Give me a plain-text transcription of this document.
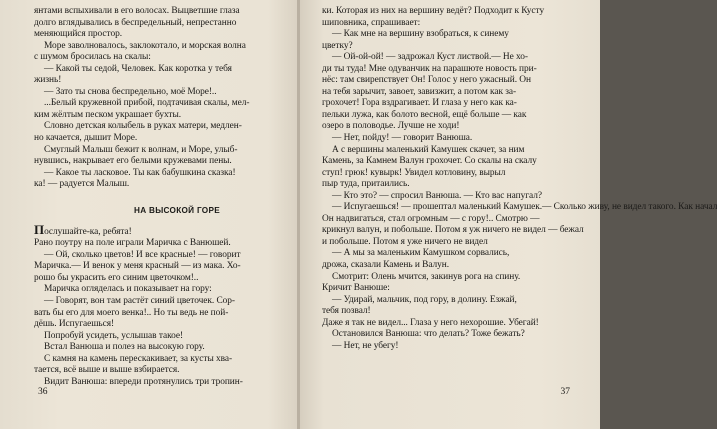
янтами вспыхивали в его волосах. Выцветшие глаза
долго вглядывались в беспредельный, непрестанно
меняющийся простор.
Море заволновалось, заклокотало, и морская волна
с шумом бросилась на скалы:
— Какой ты седой, Человек. Как коротка у тебя
жизнь!
— Зато ты снова беспредельно, моё Море!..
...Белый кружевной прибой, подтачивая скалы, мел-
ким жёлтым песком украшает бухты.
Словно детская колыбель в руках матери, медлен-
но качается, дышит Море.
Смуглый Малыш бежит к волнам, и Море, улыб-
нувшись, накрывает его белыми кружевами пены.
— Какое ты ласковое. Ты как бабушкина сказка!
ка! — радуется Малыш.
НА ВЫСОКОЙ ГОРЕ
Послушайте-ка, ребята!
Рано поутру на поле играли Маричка с Ванюшей.
— Ой, сколько цветов! И все красные! — говорит
Маричка.— И венок у меня красный — из мака. Хо-
рошо бы украсить его синим цветочком!..
Маричка огляделась и показывает на гору:
— Говорят, вон там растёт синий цветочек. Сор-
вать бы его для моего венка!.. Но ты ведь не пой-
дёшь. Испугаешься!
Попробуй усидеть, услышав такое!
Встал Ванюша и полез на высокую гору.
С камня на камень перескакивает, за кусты хва-
тается, всё выше и выше взбирается.
Видит Ванюша: впереди протянулись три тропин-
36
ки. Которая из них на вершину ведёт? Подходит к Кусту
шиповника, спрашивает:
— Как мне на вершину взобраться, к синему
цветку?
— Ой-ой-ой! — задрожал Куст листвой.— Не хо-
ди ты туда! Мне одуванчик на парашюте новость при-
нёс: там свирепствует Он! Голос у него ужасный. Он
на тебя зарычит, завоет, завизжит, а потом как за-
грохочет! Гора вздрагивает. И глаза у него как ка-
пельки лужа, как болото весной, ещё больше — как
озеро в половодье. Лучше не ходи!
— Нет, пойду! — говорит Ванюша.
А с вершины маленький Камушек скачет, за ним
Камень, за Камнем Валун грохочет. Со скалы на скалу
ступ! грюк! кувырк! Увидел котловину, вырыл
пыр туда, притаились.
— Кто это? — спросил Ванюша. — Кто вас напугал?
— Испугаешься! — прошептал маленький Камушек.— Сколько живу, не видел такого. Как начал
Он надвигаться, стал огромным — с гору!.. Смотрю —
крикнул валун, и побольше. Потом я уж ничего не видел — бежал
и побольше. Потом я уже ничего не видел
— А мы за маленьким Камушком сорвались,
дрожа, сказали Камень и Валун.
Смотрит: Олень мчится, закинув рога на спину.
Кричит Ванюше:
— Удирай, мальчик, под гору, в долину. Езжай,
тебя позвал!
Даже я так не видел... Глаза у него нехорошие. Убегай!
Остановился Ванюша: что делать? Тоже бежать?
— Нет, не убегу!
37
